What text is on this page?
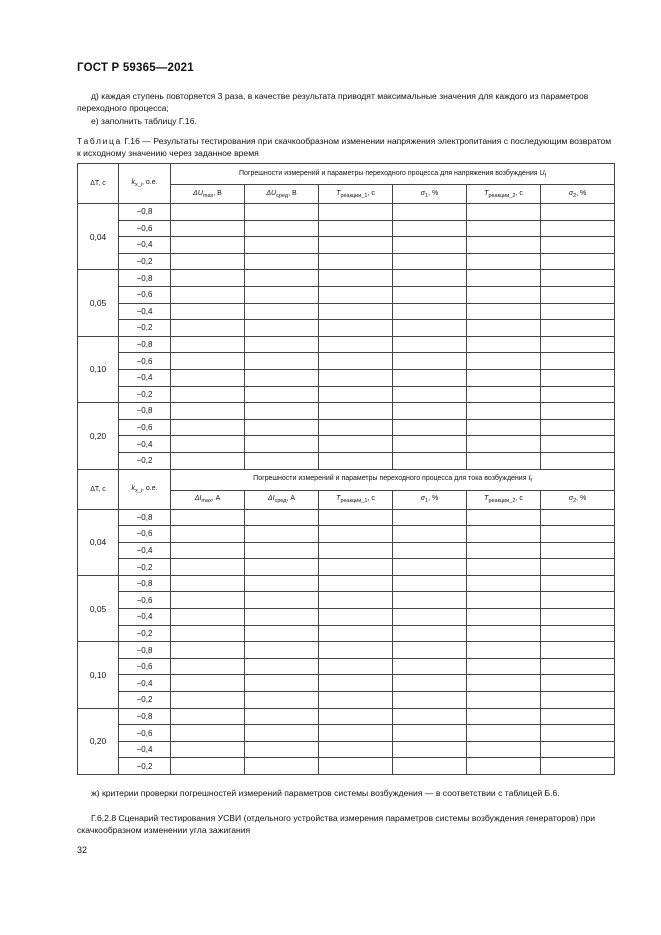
ГОСТ Р 59365—2021
д) каждая ступень повторяется 3 раза, в качестве результата приводят максимальные значения для каждого из параметров переходного процесса;
е) заполнить таблицу Г.16.
Таблица Г.16 — Результаты тестирования при скачкообразном изменении напряжения электропитания с последующим возвратом к исходному значению через заданное время
ΔT, с	$k_{x\_i}$, о.е.	Погрешности измерений и параметры переходного процесса для напряжения возбуждения $U_f$
		$\Delta U_{max}$, В	$\Delta U_{сред}$, В	$T_{реакции\_1}$, с	$\sigma_1$, %	$T_{реакции\_2}$, с	$\sigma_2$, %
0,04	−0,8						
	−0,6						
	−0,4						
	−0,2						
0,05	−0,8						
	−0,6						
	−0,4						
	−0,2						
0,10	−0,8						
	−0,6						
	−0,4						
	−0,2						
0,20	−0,8						
	−0,6						
	−0,4						
	−0,2						
ΔT, с	$k_{x\_i}$, о.е.	Погрешности измерений и параметры переходного процесса для тока возбуждения $I_f$
		$\Delta I_{max}$, А	$\Delta I_{сред}$, А	$T_{реакции\_1}$, с	$\sigma_1$, %	$T_{реакции\_2}$, с	$\sigma_2$, %
0,04	−0,8						
	−0,6						
	−0,4						
	−0,2						
0,05	−0,8						
	−0,6						
	−0,4						
	−0,2						
0,10	−0,8						
	−0,6						
	−0,4						
	−0,2						
0,20	−0,8						
	−0,6						
	−0,4						
	−0,2						
ж) критерии проверки погрешностей измерений параметров системы возбуждения — в соответствии с таблицей Б.6.
Г.6.2.8 Сценарий тестирования УСВИ (отдельного устройства измерения параметров системы возбуждения генераторов) при скачкообразном изменении угла зажигания
32
